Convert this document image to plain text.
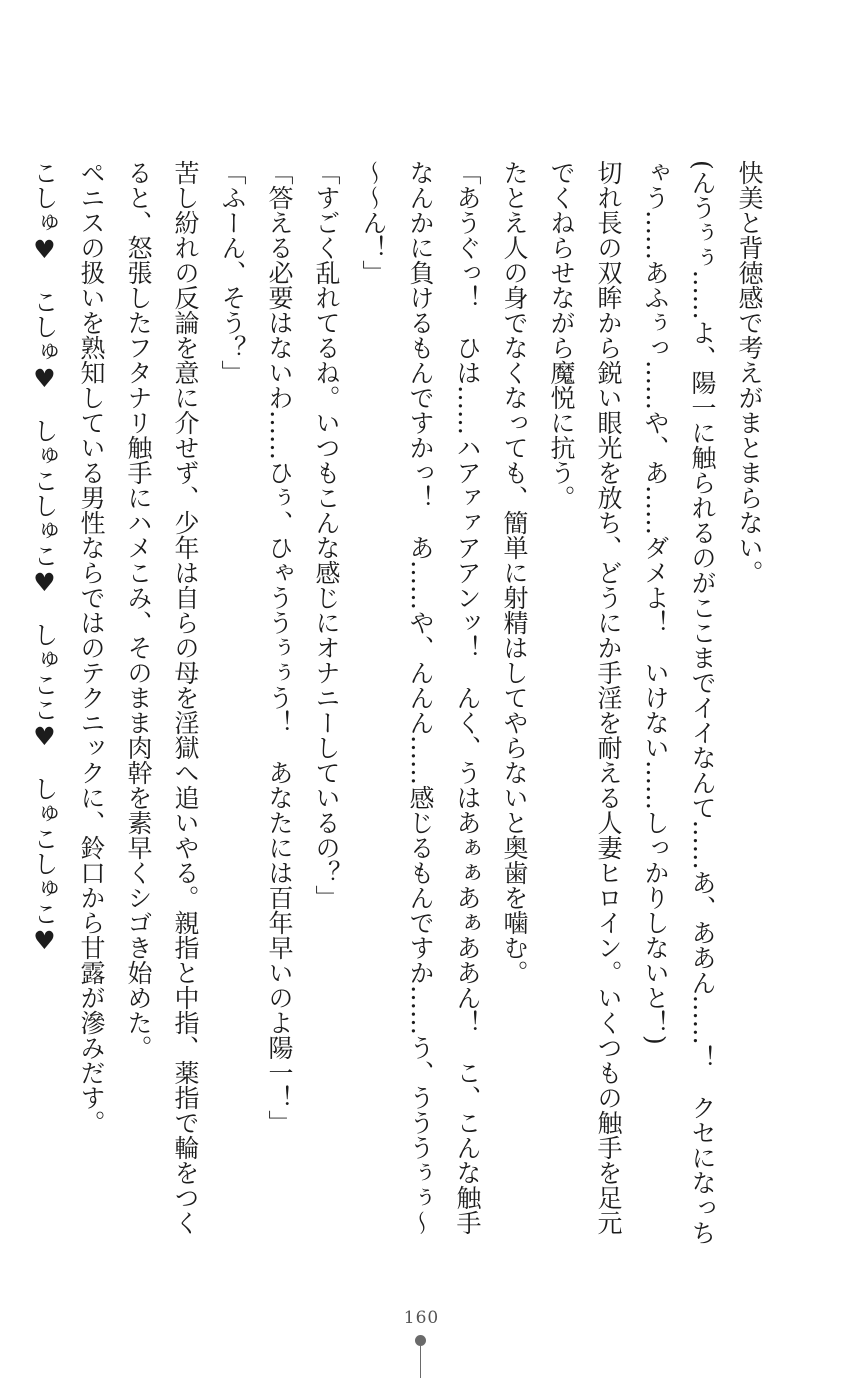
快美と背徳感で考えがまとまらない。

(んうぅぅ……よ、陽一に触られるのがここまでイイなんて……あ、ああん……！　クセになっちゃう……あふぅっ……や、あ……ダメよ！　いけない……しっかりしないと！)

切れ長の双眸から鋭い眼光を放ち、どうにか手淫を耐える人妻ヒロイン。いくつもの触手を足元でくねらせながら魔悦に抗う。

たとえ人の身でなくなっても、簡単に射精はしてやらないと奥歯を噛む。

「あうぐっ！　ひは……ハアァァアアンッ！　んく、うはあぁぁあぁああん！　こ、こんな触手なんかに負けるもんですかっ！　あ……や、んんん……感じるもんですか……う、うううぅぅ～～～ん！」

「すごく乱れてるね。いつもこんな感じにオナニーしているの？」

「答える必要はないわ……ひぅ、ひゃううぅぅう！　あなたには百年早いのよ陽一！」

「ふーん、そう？」

苦し紛れの反論を意に介せず、少年は自らの母を淫獄へ追いやる。親指と中指、薬指で輪をつくると、怒張したフタナリ触手にハメこみ、そのまま肉幹を素早くシゴき始めた。

ペニスの扱いを熟知している男性ならではのテクニックに、鈴口から甘露が滲みだす。

こしゅ♥　こしゅ♥　しゅこしゅこ♥　しゅここ♥　しゅこしゅこ♥

160
